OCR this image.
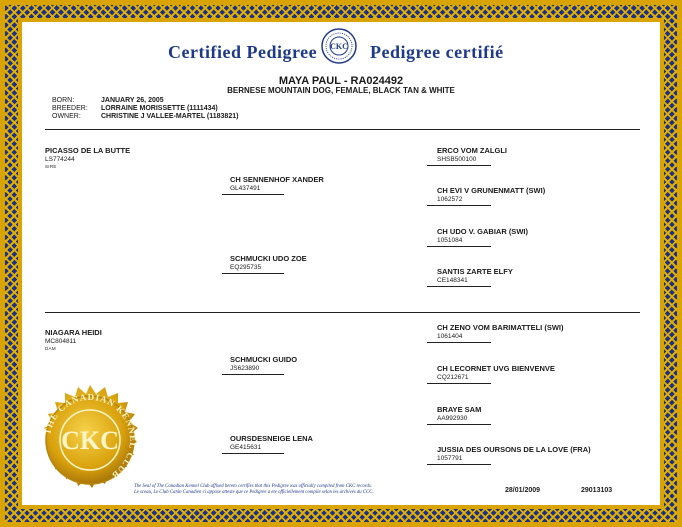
Certified Pedigree CKC Pedigree certifié
MAYA PAUL - RA024492
BERNESE MOUNTAIN DOG, FEMALE, BLACK TAN & WHITE
BORN:	JANUARY 26, 2005
BREEDER:	LORRAINE MORISSETTE (1111434)
OWNER:	CHRISTINE J VALLEE-MARTEL (1183821)
PICASSO DE LA BUTTE
LS774244
SIRE
NIAGARA HEIDI
MC804811
DAM
CH SENNENHOF XANDER
GL437491
SCHMUCKI UDO ZOE
EQ295735
SCHMUCKI GUIDO
JS623890
OURSDESNEIGE LENA
GE415631
ERCO VOM ZALGLI
SHSB500100
CH EVI V GRUNENMATT (SWI)
1062572
CH UDO V. GABIAR (SWI)
1051084
SANTIS ZARTE ELFY
CE148341
CH ZENO VOM BARIMATTELI (SWI)
1061404
CH LECORNET UVG BIENVENVE
CQ212671
BRAYE SAM
AA992930
JUSSIA DES OURSONS DE LA LOVE (FRA)
1057791
THE CANADIAN KENNEL CLUB
CKC
The Seal of The Canadian Kennel Club affixed hereto certifies that this Pedigree was officially compiled from CKC records.
Le sceau, Le Club Canin Canadien ci appose atteste que ce Pedigree a ete officiellement compile selon les archives du CCC.	28/01/2009	29013103
